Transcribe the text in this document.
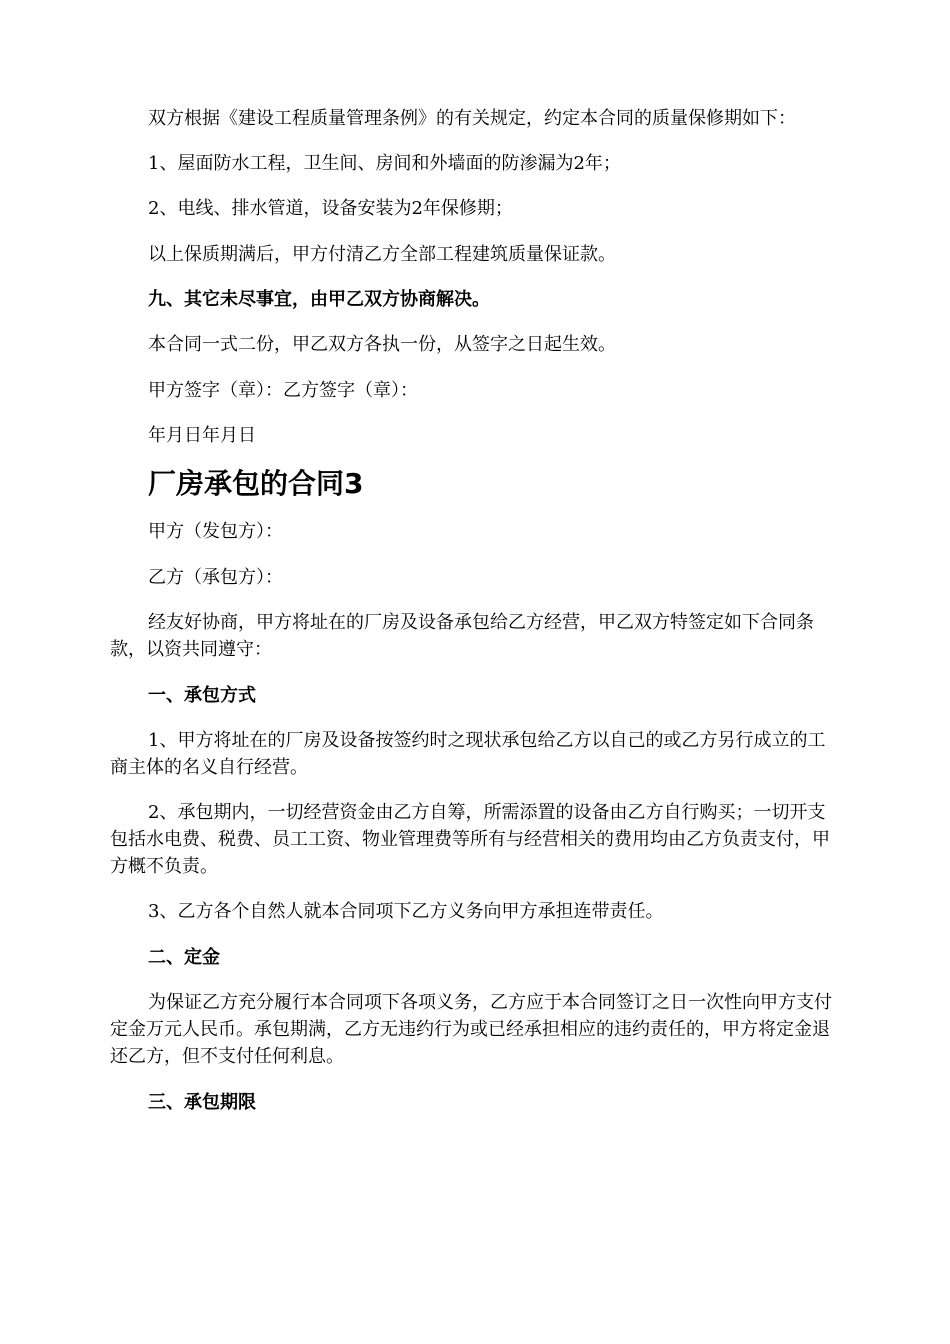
双方根据《建设工程质量管理条例》的有关规定，约定本合同的质量保修期如下：

1、屋面防水工程，卫生间、房间和外墙面的防渗漏为2年；

2、电线、排水管道，设备安装为2年保修期；

以上保质期满后，甲方付清乙方全部工程建筑质量保证款。

九、其它未尽事宜，由甲乙双方协商解决。

本合同一式二份，甲乙双方各执一份，从签字之日起生效。

甲方签字（章）：乙方签字（章）：

年月日年月日

厂房承包的合同3

甲方（发包方）：

乙方（承包方）：

经友好协商，甲方将址在的厂房及设备承包给乙方经营，甲乙双方特签定如下合同条款，以资共同遵守：

一、承包方式

1、甲方将址在的厂房及设备按签约时之现状承包给乙方以自己的或乙方另行成立的工商主体的名义自行经营。

2、承包期内，一切经营资金由乙方自筹，所需添置的设备由乙方自行购买；一切开支包括水电费、税费、员工工资、物业管理费等所有与经营相关的费用均由乙方负责支付，甲方概不负责。

3、乙方各个自然人就本合同项下乙方义务向甲方承担连带责任。

二、定金

为保证乙方充分履行本合同项下各项义务，乙方应于本合同签订之日一次性向甲方支付定金万元人民币。承包期满，乙方无违约行为或已经承担相应的违约责任的，甲方将定金退还乙方，但不支付任何利息。

三、承包期限
